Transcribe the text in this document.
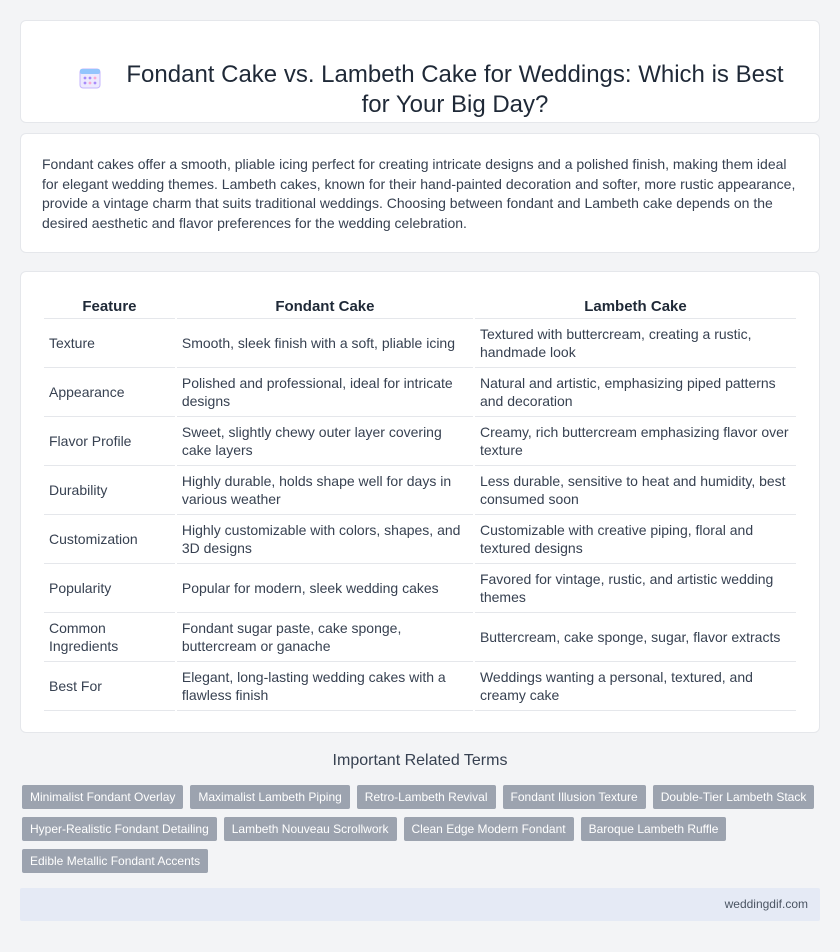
Fondant Cake vs. Lambeth Cake for Weddings: Which is Best for Your Big Day?

Fondant cakes offer a smooth, pliable icing perfect for creating intricate designs and a polished finish, making them ideal for elegant wedding themes. Lambeth cakes, known for their hand-painted decoration and softer, more rustic appearance, provide a vintage charm that suits traditional weddings. Choosing between fondant and Lambeth cake depends on the desired aesthetic and flavor preferences for the wedding celebration.

Feature	Fondant Cake	Lambeth Cake
Texture	Smooth, sleek finish with a soft, pliable icing	Textured with buttercream, creating a rustic, handmade look
Appearance	Polished and professional, ideal for intricate designs	Natural and artistic, emphasizing piped patterns and decoration
Flavor Profile	Sweet, slightly chewy outer layer covering cake layers	Creamy, rich buttercream emphasizing flavor over texture
Durability	Highly durable, holds shape well for days in various weather	Less durable, sensitive to heat and humidity, best consumed soon
Customization	Highly customizable with colors, shapes, and 3D designs	Customizable with creative piping, floral and textured designs
Popularity	Popular for modern, sleek wedding cakes	Favored for vintage, rustic, and artistic wedding themes
Common Ingredients	Fondant sugar paste, cake sponge, buttercream or ganache	Buttercream, cake sponge, sugar, flavor extracts
Best For	Elegant, long-lasting wedding cakes with a flawless finish	Weddings wanting a personal, textured, and creamy cake
Important Related Terms
Minimalist Fondant Overlay	Maximalist Lambeth Piping	Retro-Lambeth Revival	Fondant Illusion Texture	Double-Tier Lambeth Stack
Hyper-Realistic Fondant Detailing	Lambeth Nouveau Scrollwork	Clean Edge Modern Fondant	Baroque Lambeth Ruffle
Edible Metallic Fondant Accents
weddingdif.com
